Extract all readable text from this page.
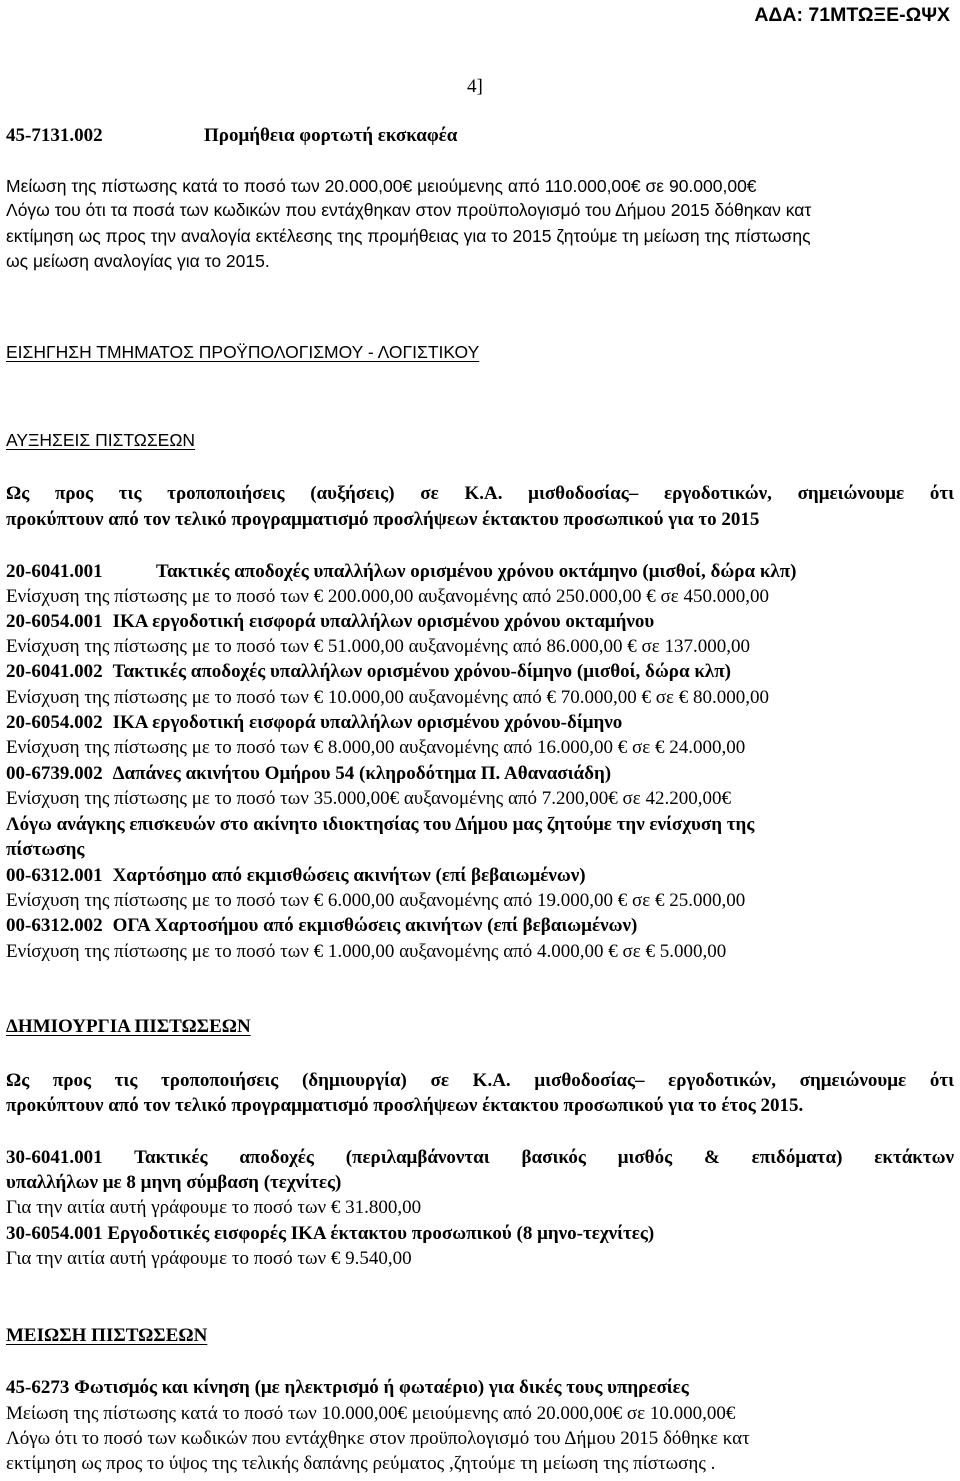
ΑΔΑ: 71ΜΤΩΞΕ-ΩΨΧ
4]
45-7131.002	Προμήθεια φορτωτή εκσκαφέα
Μείωση της πίστωσης κατά το ποσό των 20.000,00€ μειούμενης από 110.000,00€ σε 90.000,00€
Λόγω του ότι τα ποσά των κωδικών που εντάχθηκαν στον προϋπολογισμό του Δήμου 2015 δόθηκαν κατ
εκτίμηση ως προς την αναλογία εκτέλεσης της προμήθειας για το 2015 ζητούμε τη μείωση της πίστωσης
ως μείωση αναλογίας για το 2015.
ΕΙΣΗΓΗΣΗ ΤΜΗΜΑΤΟΣ ΠΡΟΫΠΟΛΟΓΙΣΜΟΥ - ΛΟΓΙΣΤΙΚΟΥ
ΑΥΞΗΣΕΙΣ ΠΙΣΤΩΣΕΩΝ
Ως προς τις τροποποιήσεις (αυξήσεις) σε Κ.Α. μισθοδοσίας– εργοδοτικών, σημειώνουμε ότι
προκύπτουν από τον τελικό προγραμματισμό προσλήψεων έκτακτου προσωπικού για το 2015
20-6041.001	Τακτικές αποδοχές υπαλλήλων ορισμένου χρόνου οκτάμηνο (μισθοί, δώρα κλπ)
Ενίσχυση της πίστωσης με το ποσό των € 200.000,00 αυξανομένης από 250.000,00 € σε 450.000,00
20-6054.001 ΙΚΑ εργοδοτική εισφορά υπαλλήλων ορισμένου χρόνου οκταμήνου
Ενίσχυση της πίστωσης με το ποσό των € 51.000,00 αυξανομένης από 86.000,00 € σε 137.000,00
20-6041.002 Τακτικές αποδοχές υπαλλήλων ορισμένου χρόνου-δίμηνο (μισθοί, δώρα κλπ)
Ενίσχυση της πίστωσης με το ποσό των € 10.000,00 αυξανομένης από € 70.000,00 € σε € 80.000,00
20-6054.002 ΙΚΑ εργοδοτική εισφορά υπαλλήλων ορισμένου χρόνου-δίμηνο
Ενίσχυση της πίστωσης με το ποσό των € 8.000,00 αυξανομένης από 16.000,00 € σε € 24.000,00
00-6739.002 Δαπάνες ακινήτου Ομήρου 54 (κληροδότημα Π. Αθανασιάδη)
Ενίσχυση της πίστωσης με το ποσό των 35.000,00€ αυξανομένης από 7.200,00€ σε 42.200,00€
Λόγω ανάγκης επισκευών στο ακίνητο ιδιοκτησίας του Δήμου μας ζητούμε την ενίσχυση της
πίστωσης
00-6312.001 Χαρτόσημο από εκμισθώσεις ακινήτων (επί βεβαιωμένων)
Ενίσχυση της πίστωσης με το ποσό των € 6.000,00 αυξανομένης από 19.000,00 € σε € 25.000,00
00-6312.002 ΟΓΑ Χαρτοσήμου από εκμισθώσεις ακινήτων (επί βεβαιωμένων)
Ενίσχυση της πίστωσης με το ποσό των € 1.000,00 αυξανομένης από 4.000,00 € σε € 5.000,00
ΔΗΜΙΟΥΡΓΙΑ ΠΙΣΤΩΣΕΩΝ
Ως προς τις τροποποιήσεις (δημιουργία) σε Κ.Α. μισθοδοσίας– εργοδοτικών, σημειώνουμε ότι
προκύπτουν από τον τελικό προγραμματισμό προσλήψεων έκτακτου προσωπικού για το έτος 2015.
30-6041.001 Τακτικές αποδοχές (περιλαμβάνονται βασικός μισθός & επιδόματα) εκτάκτων
υπαλλήλων με 8 μηνη σύμβαση (τεχνίτες)
Για την αιτία αυτή γράφουμε το ποσό των € 31.800,00
30-6054.001 Εργοδοτικές εισφορές ΙΚΑ έκτακτου προσωπικού (8 μηνο-τεχνίτες)
Για την αιτία αυτή γράφουμε το ποσό των € 9.540,00
ΜΕΙΩΣΗ ΠΙΣΤΩΣΕΩΝ
45-6273 Φωτισμός και κίνηση (με ηλεκτρισμό ή φωταέριο) για δικές τους υπηρεσίες
Μείωση της πίστωσης κατά το ποσό των 10.000,00€ μειούμενης από 20.000,00€ σε 10.000,00€
Λόγω ότι το ποσό των κωδικών που εντάχθηκε στον προϋπολογισμό του Δήμου 2015 δόθηκε κατ
εκτίμηση ως προς το ύψος της τελικής δαπάνης ρεύματος ,ζητούμε τη μείωση της πίστωσης .
